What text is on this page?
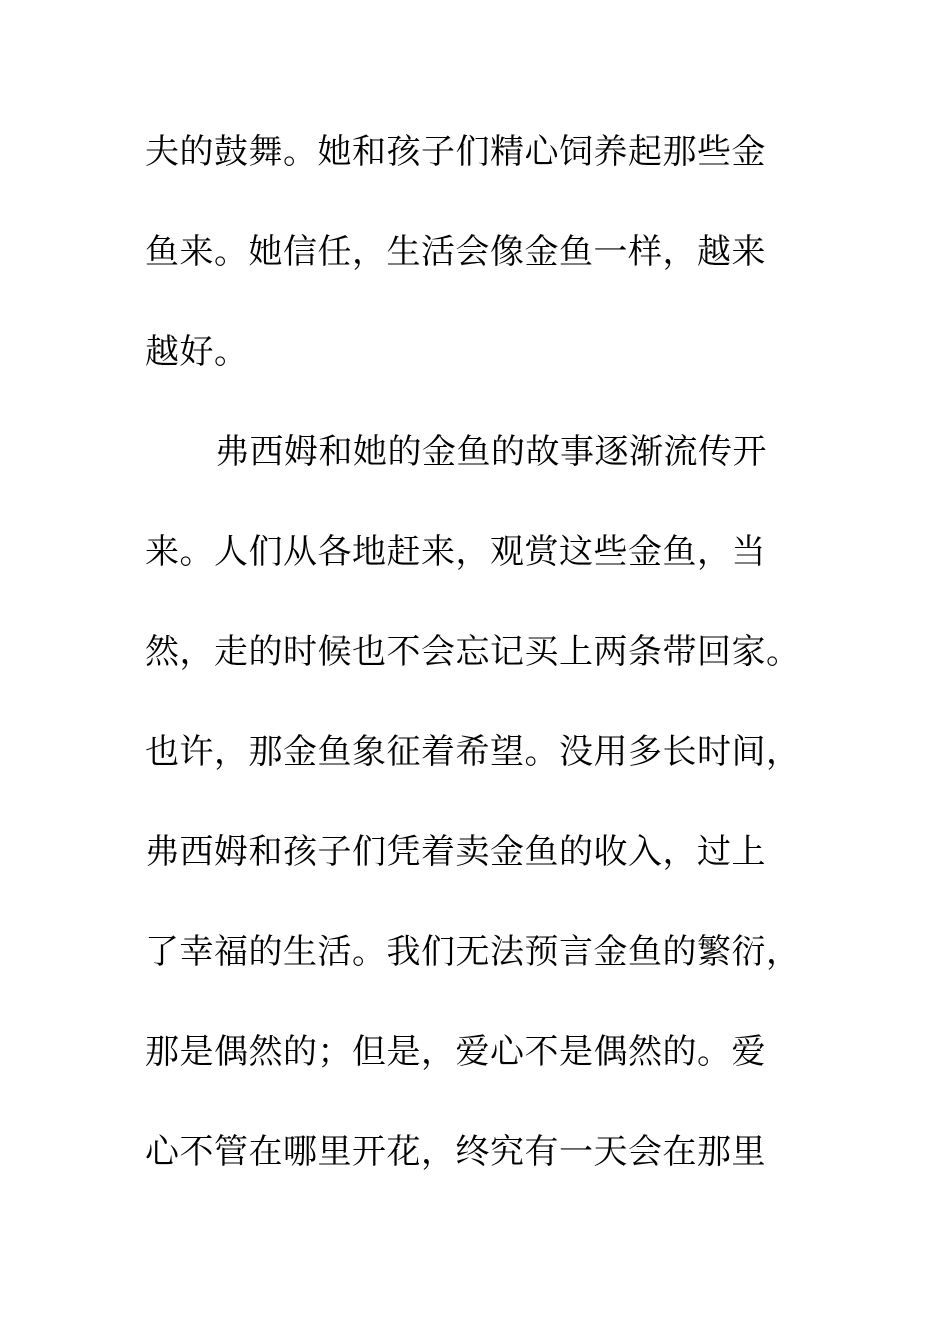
夫的鼓舞。她和孩子们精心饲养起那些金
鱼来。她信任，生活会像金鱼一样，越来
越好。
弗西姆和她的金鱼的故事逐渐流传开
来。人们从各地赶来，观赏这些金鱼，当
然，走的时候也不会忘记买上两条带回家。
也许，那金鱼象征着希望。没用多长时间，
弗西姆和孩子们凭着卖金鱼的收入，过上
了幸福的生活。我们无法预言金鱼的繁衍，
那是偶然的；但是，爱心不是偶然的。爱
心不管在哪里开花，终究有一天会在那里
